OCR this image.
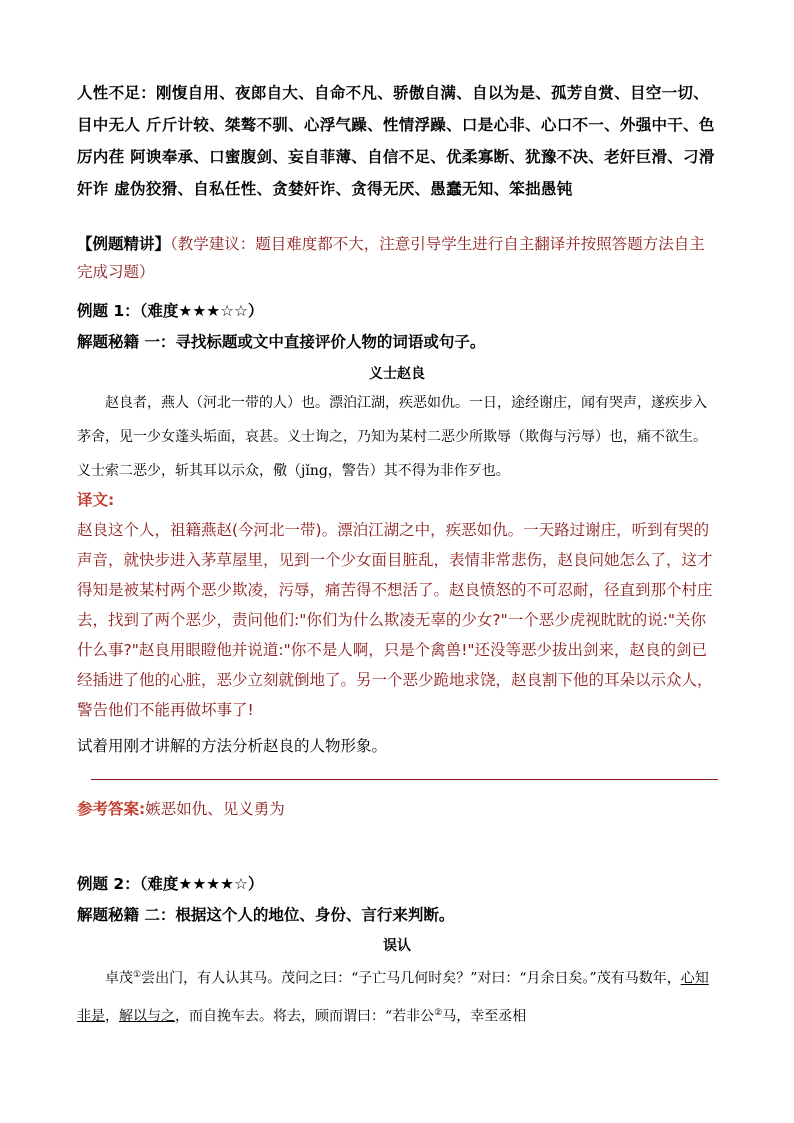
人性不足：刚愎自用、夜郎自大、自命不凡、骄傲自满、自以为是、孤芳自赏、目空一切、目中无人 斤斤计较、桀骜不驯、心浮气躁、性情浮躁、口是心非、心口不一、外强中干、色厉内荏 阿谀奉承、口蜜腹剑、妄自菲薄、自信不足、优柔寡断、犹豫不决、老奸巨滑、刁滑奸诈 虚伪狡猾、自私任性、贪婪奸诈、贪得无厌、愚蠢无知、笨拙愚钝
【例题精讲】（教学建议：题目难度都不大，注意引导学生进行自主翻译并按照答题方法自主完成习题）
例题 1：（难度★★★☆☆）
解题秘籍 一：寻找标题或文中直接评价人物的词语或句子。
义士赵良

赵良者，燕人（河北一带的人）也。漂泊江湖，疾恶如仇。一日，途经谢庄，闻有哭声，遂疾步入茅舍，见一少女蓬头垢面，哀甚。义士询之，乃知为某村二恶少所欺辱（欺侮与污辱）也，痛不欲生。义士索二恶少，斩其耳以示众，儆（jǐng，警告）其不得为非作歹也。

译文:
赵良这个人，祖籍燕赵(今河北一带)。漂泊江湖之中，疾恶如仇。一天路过谢庄，听到有哭的声音，就快步进入茅草屋里，见到一个少女面目脏乱，表情非常悲伤，赵良问她怎么了，这才得知是被某村两个恶少欺凌，污辱，痛苦得不想活了。赵良愤怒的不可忍耐，径直到那个村庄去，找到了两个恶少，责问他们:"你们为什么欺凌无辜的少女?"一个恶少虎视眈眈的说:"关你什么事?"赵良用眼瞪他并说道:"你不是人啊，只是个禽兽!"还没等恶少拔出剑来，赵良的剑已经插进了他的心脏，恶少立刻就倒地了。另一个恶少跪地求饶，赵良割下他的耳朵以示众人，警告他们不能再做坏事了!
试着用刚才讲解的方法分析赵良的人物形象。
参考答案:嫉恶如仇、见义勇为
例题 2：（难度★★★★☆）
解题秘籍 二：根据这个人的地位、身份、言行来判断。
误认

卓茂①尝出门，有人认其马。茂问之曰：“子亡马几何时矣？”对曰：“月余日矣。”茂有马数年，心知非是，解以与之，而自挽车去。将去，顾而谓曰：“若非公②马，幸至丞相
